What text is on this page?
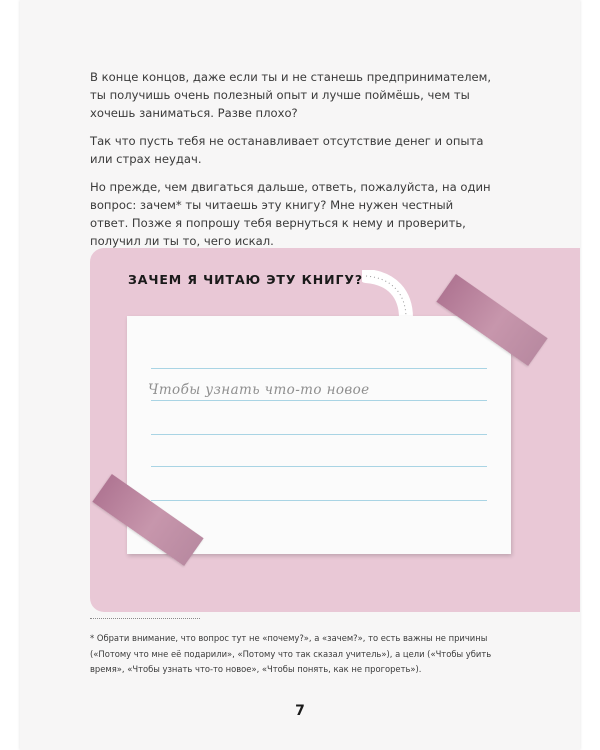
7

В конце концов, даже если ты и не станешь предпринимателем, ты получишь очень полезный опыт и лучше поймёшь, чем ты хочешь заниматься. Разве плохо?

Так что пусть тебя не останавливает отсутствие денег и опыта или страх неудач.

Но прежде, чем двигаться дальше, ответь, пожалуйста, на один вопрос: зачем* ты читаешь эту книгу? Мне нужен честный ответ. Позже я попрошу тебя вернуться к нему и проверить, получил ли ты то, чего искал.

ЗАЧЕМ Я ЧИТАЮ ЭТУ КНИГУ?
Чтобы узнать что-то новое
* Обрати внимание, что вопрос тут не «почему?», а «зачем?», то есть важны не причины («Потому что мне её подарили», «Потому что так сказал учитель»), а цели («Чтобы убить время», «Чтобы узнать что-то новое», «Чтобы понять, как не прогореть»).
